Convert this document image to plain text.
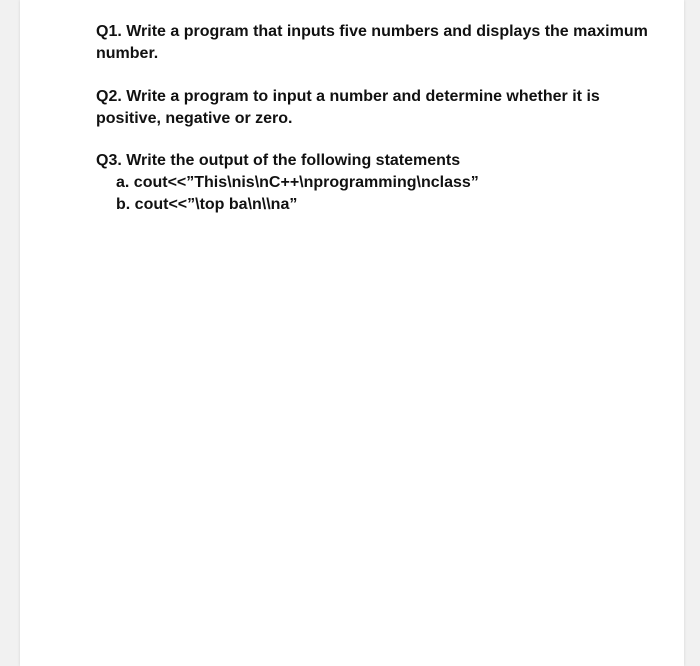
Q1. Write a program that inputs five numbers and displays the maximum number.

Q2. Write a program to input a number and determine whether it is positive, negative or zero.

Q3. Write the output of the following statements

a. cout<<”This\nis\nC++\nprogramming\nclass”

b. cout<<”\top ba\n\\na”
